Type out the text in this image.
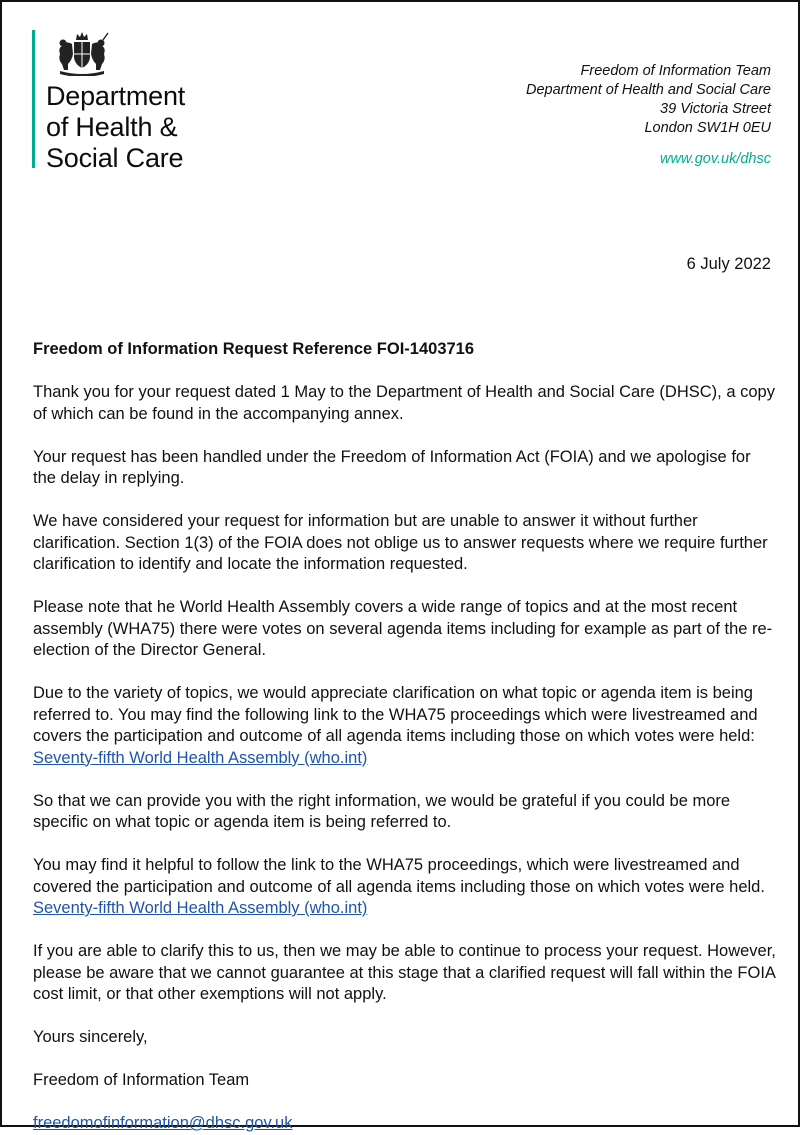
Department
of Health &
Social Care
Freedom of Information Team
Department of Health and Social Care
39 Victoria Street
London SW1H 0EU
www.gov.uk/dhsc
6 July 2022

Freedom of Information Request Reference FOI-1403716

Thank you for your request dated 1 May to the Department of Health and Social Care (DHSC), a copy of which can be found in the accompanying annex.

Your request has been handled under the Freedom of Information Act (FOIA) and we apologise for the delay in replying.

We have considered your request for information but are unable to answer it without further clarification. Section 1(3) of the FOIA does not oblige us to answer requests where we require further clarification to identify and locate the information requested.

Please note that he World Health Assembly covers a wide range of topics and at the most recent assembly (WHA75) there were votes on several agenda items including for example as part of the re-election of the Director General.

Due to the variety of topics, we would appreciate clarification on what topic or agenda item is being referred to. You may find the following link to the WHA75 proceedings which were livestreamed and covers the participation and outcome of all agenda items including those on which votes were held: Seventy-fifth World Health Assembly (who.int)

So that we can provide you with the right information, we would be grateful if you could be more specific on what topic or agenda item is being referred to.

You may find it helpful to follow the link to the WHA75 proceedings, which were livestreamed and covered the participation and outcome of all agenda items including those on which votes were held. Seventy-fifth World Health Assembly (who.int)

If you are able to clarify this to us, then we may be able to continue to process your request. However, please be aware that we cannot guarantee at this stage that a clarified request will fall within the FOIA cost limit, or that other exemptions will not apply.

Yours sincerely,

Freedom of Information Team

freedomofinformation@dhsc.gov.uk
